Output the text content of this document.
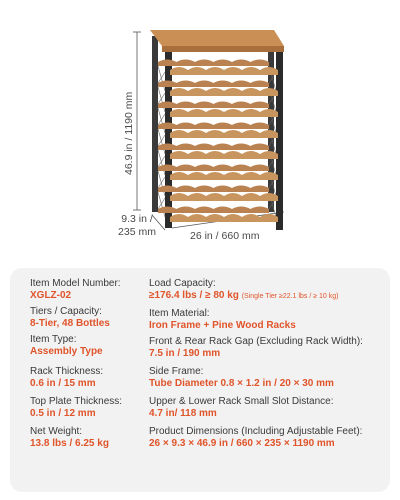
46.9 in / 1190 mm
9.3 in /
235 mm	26 in / 660 mm
Item Model Number:
XGLZ-02
Tiers / Capacity:
8-Tier, 48 Bottles
Item Type:
Assembly Type
Rack Thickness:
0.6 in / 15 mm
Top Plate Thickness:
0.5 in / 12 mm
Net Weight:
13.8 lbs / 6.25 kg
Load Capacity:
≥176.4 lbs / ≥ 80 kg (Single Tier ≥22.1 lbs / ≥ 10 kg)
Item Material:
Iron Frame + Pine Wood Racks
Front & Rear Rack Gap (Excluding Rack Width):
7.5 in / 190 mm
Side Frame:
Tube Diameter 0.8 × 1.2 in / 20 × 30 mm
Upper & Lower Rack Small Slot Distance:
4.7 in/ 118 mm
Product Dimensions (Including Adjustable Feet):
26 × 9.3 × 46.9 in / 660 × 235 × 1190 mm
